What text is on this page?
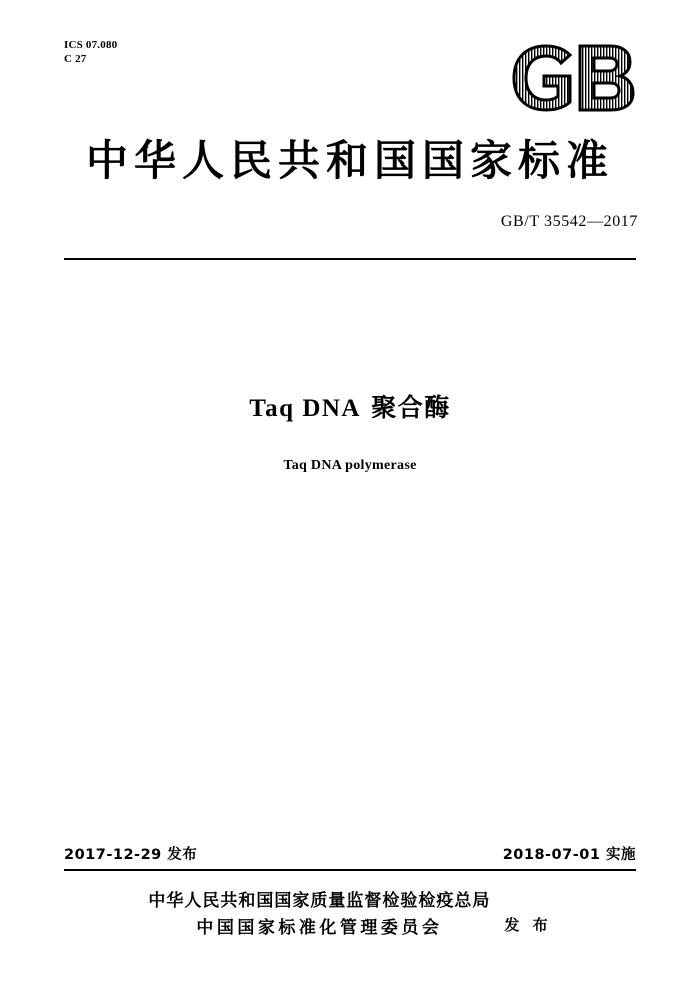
ICS 07.080
C 27
中华人民共和国国家标准
GB/T 35542—2017
Taq DNA 聚合酶
Taq DNA polymerase
2017-12-29 发布	2018-07-01 实施
中华人民共和国国家质量监督检验检疫总局
中国国家标准化管理委员会	发 布
